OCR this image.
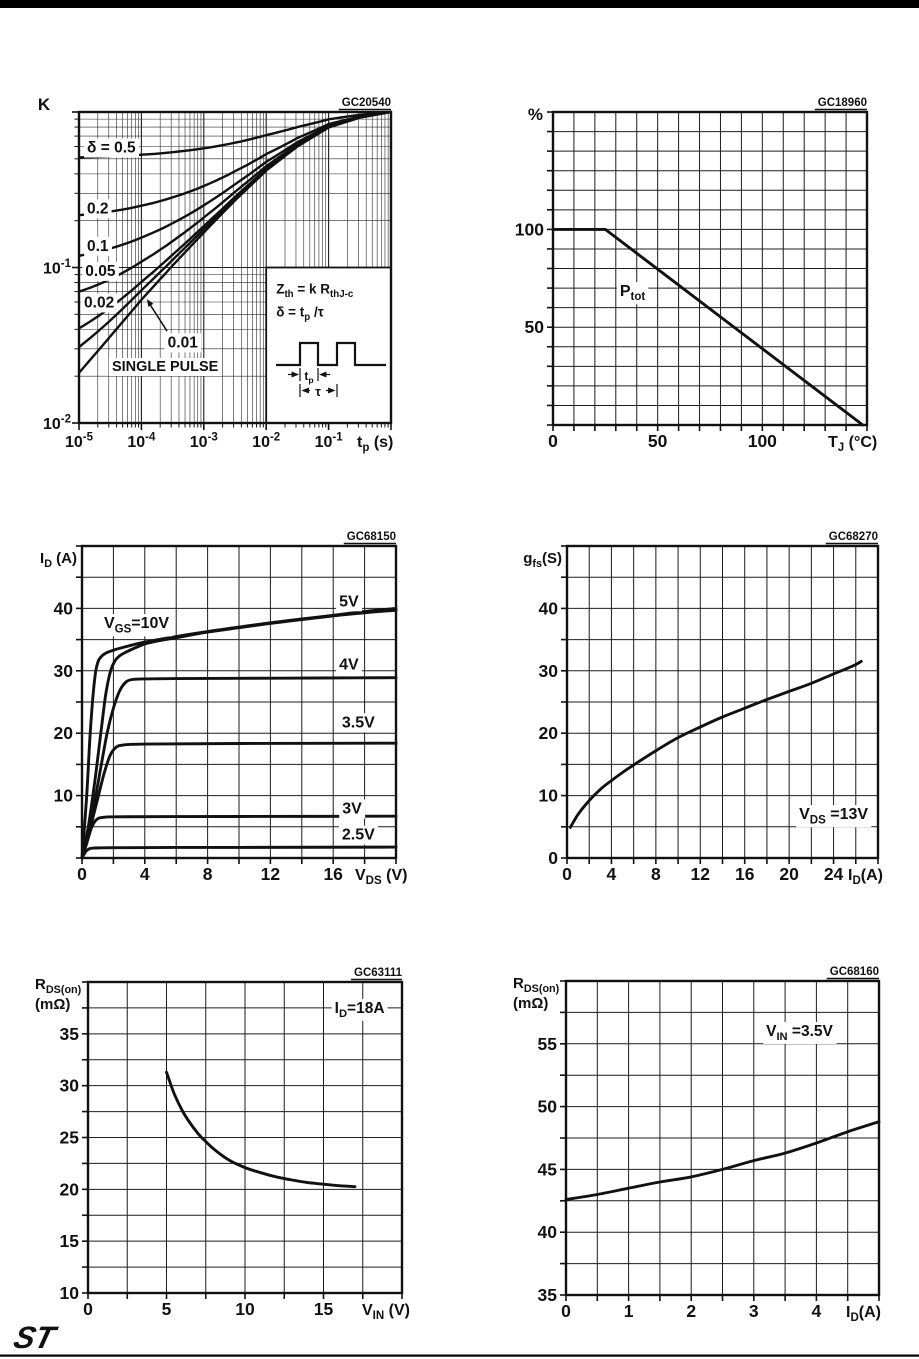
ST
$Z_{th} = k$ $R_{thJ-c}$
$\delta = t_p$ /τ
$t_p$
τ
δ = 0.5
0.2
0.1
0.05
0.02
0.01
SINGLE PULSE
$10^{-5}$ $10^{-4}$ $10^{-3}$ $10^{-2}$ $10^{-1}$
$10^{-1}$
$10^{-2}$
K
$t_p$ (s)
GC20540
$P_{tot}$
0	50	100
50
100
$T_J$ (°C)
%
GC18960
$V_{GS}=10V$
5V
4V
3.5V
3V
2.5V
0	4	8	12 16
10
20
30
40
$V_{DS}$ (V)
$I_D$ (A)
GC68150
$V_{DS} =13V$
0 4 8 12 16 20 24
0
10
20
30
40
$I_D(A)$
$g_{fs}(S)$
GC68270
$I_D=18A$
0	5	10	15
10
15
20
25
30
35
$V_{IN}$ (V)
$R_{DS(on)}$
(mΩ)
GC63111
$V_{IN} =3.5V$
0	1	2	3	4
35
40
45
50
55
$I_D(A)$
$R_{DS(on)}$
(mΩ)
GC68160
